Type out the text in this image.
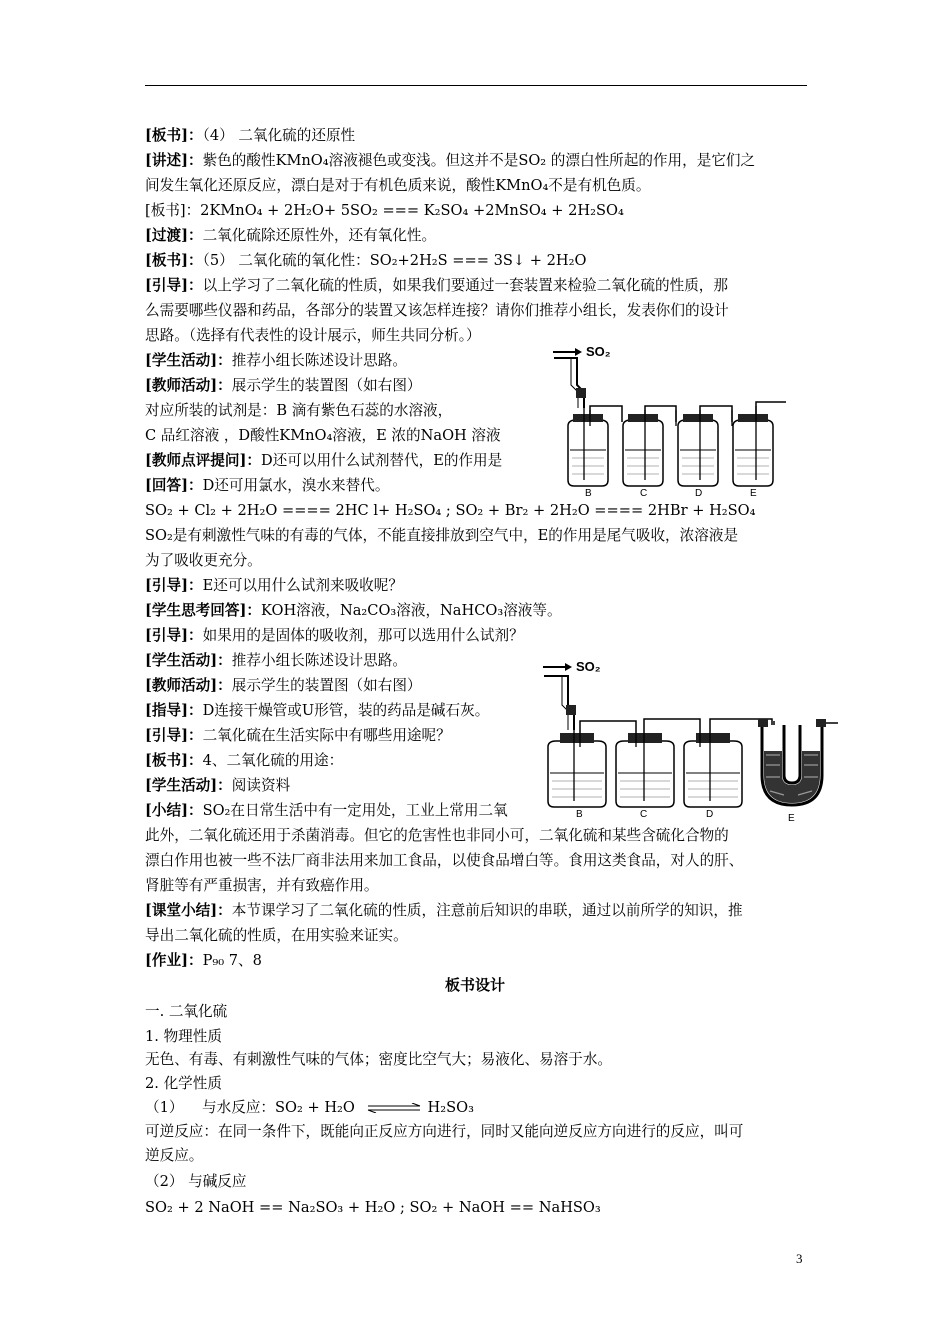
[板书]：（4） 二氧化硫的还原性
[讲述]：紫色的酸性KMnO₄溶液褪色或变浅。但这并不是SO₂ 的漂白性所起的作用，是它们之
间发生氧化还原反应，漂白是对于有机色质来说，酸性KMnO₄不是有机色质。
[板书]：2KMnO₄ + 2H₂O+ 5SO₂ === K₂SO₄ +2MnSO₄ + 2H₂SO₄
[过渡]：二氧化硫除还原性外，还有氧化性。
[板书]：（5） 二氧化硫的氧化性：SO₂+2H₂S === 3S↓ + 2H₂O
[引导]：以上学习了二氧化硫的性质，如果我们要通过一套装置来检验二氧化硫的性质，那
么需要哪些仪器和药品，各部分的装置又该怎样连接？请你们推荐小组长，发表你们的设计
思路。（选择有代表性的设计展示，师生共同分析。）
[学生活动]：推荐小组长陈述设计思路。
[教师活动]：展示学生的装置图（如右图）
对应所装的试剂是：B 滴有紫色石蕊的水溶液，
C 品红溶液 ，D酸性KMnO₄溶液，E 浓的NaOH 溶液
[教师点评提问]：D还可以用什么试剂替代，E的作用是
[回答]：D还可用氯水，溴水来替代。
SO₂ + Cl₂ + 2H₂O ==== 2HC l+ H₂SO₄ ; SO₂ + Br₂ + 2H₂O ==== 2HBr + H₂SO₄
SO₂是有刺激性气味的有毒的气体，不能直接排放到空气中，E的作用是尾气吸收，浓溶液是
为了吸收更充分。
[引导]：E还可以用什么试剂来吸收呢？
[学生思考回答]：KOH溶液，Na₂CO₃溶液，NaHCO₃溶液等。
[引导]：如果用的是固体的吸收剂，那可以选用什么试剂？
[学生活动]：推荐小组长陈述设计思路。
[教师活动]：展示学生的装置图（如右图）
[指导]：D连接干燥管或U形管，装的药品是碱石灰。
[引导]：二氧化硫在生活实际中有哪些用途呢？
[板书]：4、二氧化硫的用途：
[学生活动]：阅读资料
[小结]：SO₂在日常生活中有一定用处，工业上常用二氧
此外，二氧化硫还用于杀菌消毒。但它的危害性也非同小可，二氧化硫和某些含硫化合物的
漂白作用也被一些不法厂商非法用来加工食品，以使食品增白等。食用这类食品，对人的肝、
肾脏等有严重损害，并有致癌作用。
[课堂小结]：本节课学习了二氧化硫的性质，注意前后知识的串联，通过以前所学的知识，推
导出二氧化硫的性质，在用实验来证实。
[作业]：P₉₀ 7、8
板书设计
一. 二氧化硫
1. 物理性质
无色、有毒、有刺激性气味的气体；密度比空气大；易液化、易溶于水。
2. 化学性质
可逆反应：在同一条件下，既能向正反应方向进行，同时又能向逆反应方向进行的反应，叫可
逆反应。
（2） 与碱反应
SO₂ + 2 NaOH == Na₂SO₃ + H₂O ; SO₂ + NaOH == NaHSO₃
（1） 与水反应：SO₂ + H₂O ⇌ H₂SO₃
SO₂
B	C	D	E
SO₂
B	C	D	E
3
